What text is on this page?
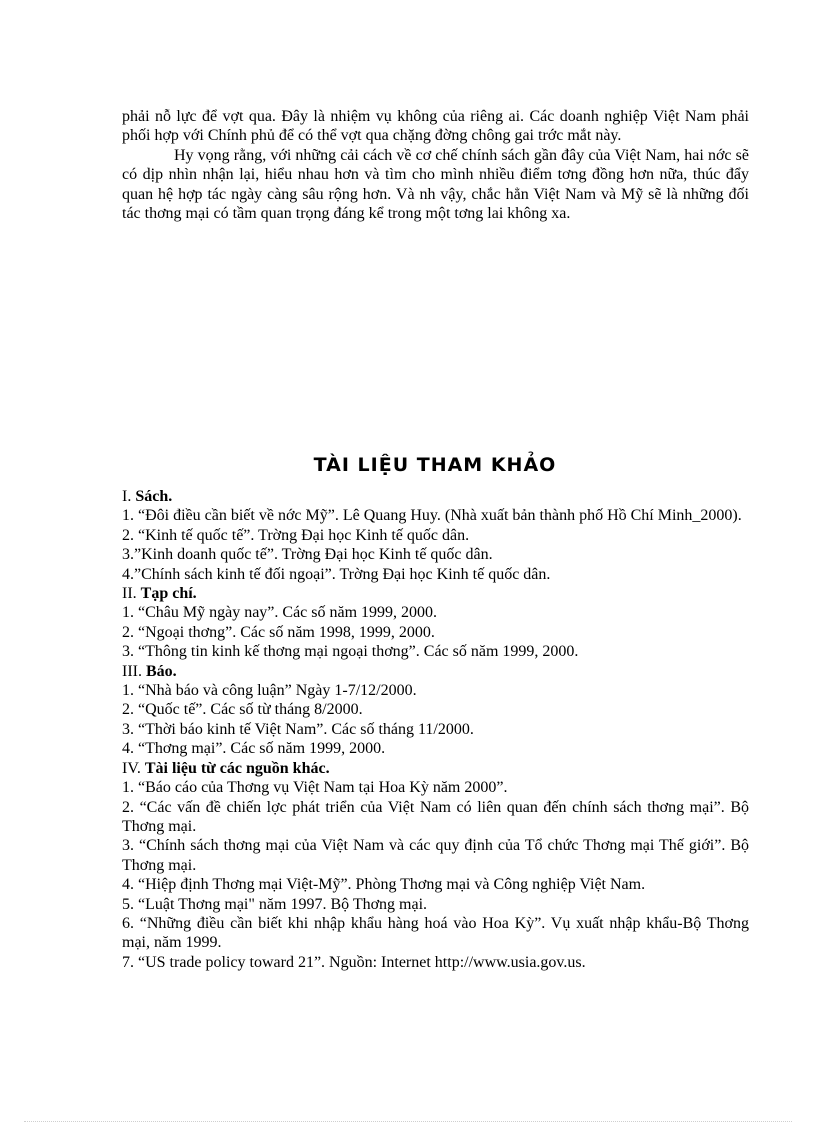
phải nỗ lực để vợt qua. Đây là nhiệm vụ không của riêng ai. Các doanh nghiệp Việt Nam phải phối hợp với Chính phủ để có thể vợt qua chặng đờng chông gai trớc mắt này.

Hy vọng rằng, với những cải cách về cơ chế chính sách gần đây của Việt Nam, hai nớc sẽ có dịp nhìn nhận lại, hiểu nhau hơn và tìm cho mình nhiều điểm tơng đồng hơn nữa, thúc đẩy quan hệ hợp tác ngày càng sâu rộng hơn. Và nh vậy, chắc hẳn Việt Nam và Mỹ sẽ là những đối tác thơng mại có tầm quan trọng đáng kể trong một tơng lai không xa.

TÀI LIỆU THAM KHẢO

I. Sách.

1. “Đôi điều cần biết về nớc Mỹ”. Lê Quang Huy. (Nhà xuất bản thành phố Hồ Chí Minh_2000).

2. “Kinh tế quốc tế”. Trờng Đại học Kinh tế quốc dân.

3.”Kinh doanh quốc tế”. Trờng Đại học Kinh tế quốc dân.

4.”Chính sách kinh tế đối ngoại”. Trờng Đại học Kinh tế quốc dân.

II. Tạp chí.

1. “Châu Mỹ ngày nay”. Các số năm 1999, 2000.

2. “Ngoại thơng”. Các số năm 1998, 1999, 2000.

3. “Thông tin kinh kế thơng mại ngoại thơng”. Các số năm 1999, 2000.

III. Báo.

1. “Nhà báo và công luận” Ngày 1-7/12/2000.

2. “Quốc tế”. Các số từ tháng 8/2000.

3. “Thời báo kinh tế Việt Nam”. Các số tháng 11/2000.

4. “Thơng mại”. Các số năm 1999, 2000.

IV. Tài liệu từ các nguồn khác.

1. “Báo cáo của Thơng vụ Việt Nam tại Hoa Kỳ năm 2000”.

2. “Các vấn đề chiến lợc phát triển của Việt Nam có liên quan đến chính sách thơng mại”. Bộ Thơng mại.

3. “Chính sách thơng mại của Việt Nam và các quy định của Tổ chức Thơng mại Thế giới”. Bộ Thơng mại.

4. “Hiệp định Thơng mại Việt-Mỹ”. Phòng Thơng mại và Công nghiệp Việt Nam.

5. “Luật Thơng mại" năm 1997. Bộ Thơng mại.

6. “Những điều cần biết khi nhập khẩu hàng hoá vào Hoa Kỳ”. Vụ xuất nhập khẩu-Bộ Thơng mại, năm 1999.

7. “US trade policy toward 21”. Nguồn: Internet http://www.usia.gov.us.
